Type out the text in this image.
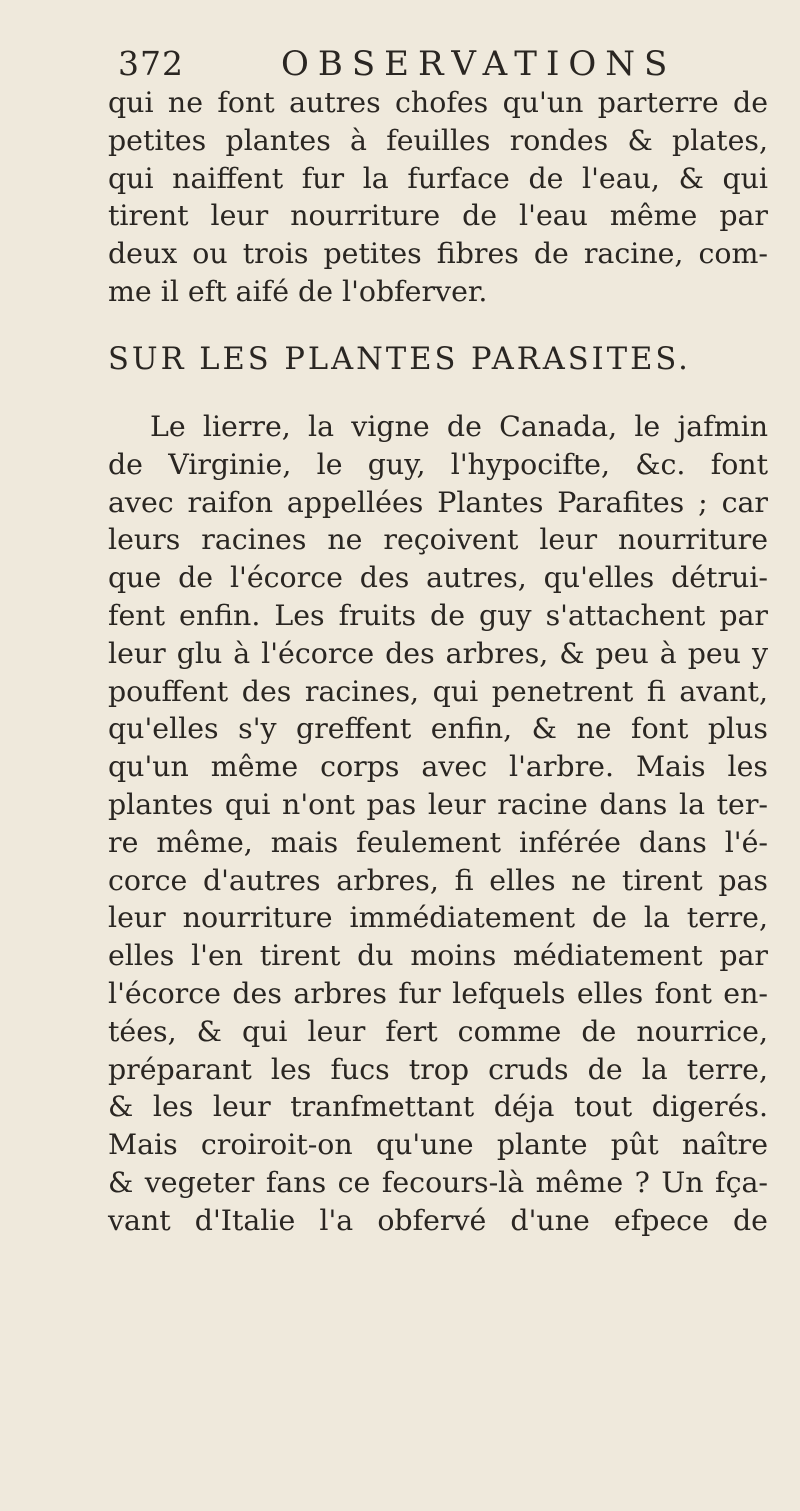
372	OBSERVATIONS
qui ne font autres chofes qu'un parterre de
petites plantes à feuilles rondes & plates,
qui naiffent fur la furface de l'eau, & qui
tirent leur nourriture de l'eau même par
deux ou trois petites fibres de racine, com-
me il eft aifé de l'obferver.
SUR LES PLANTES PARASITES.
Le lierre, la vigne de Canada, le jafmin
de Virginie, le guy, l'hypocifte, &c. font
avec raifon appellées Plantes Parafites ; car
leurs racines ne reçoivent leur nourriture
que de l'écorce des autres, qu'elles détrui-
fent enfin. Les fruits de guy s'attachent par
leur glu à l'écorce des arbres, & peu à peu y
pouffent des racines, qui penetrent fi avant,
qu'elles s'y greffent enfin, & ne font plus
qu'un même corps avec l'arbre. Mais les
plantes qui n'ont pas leur racine dans la ter-
re même, mais feulement inférée dans l'é-
corce d'autres arbres, fi elles ne tirent pas
leur nourriture immédiatement de la terre,
elles l'en tirent du moins médiatement par
l'écorce des arbres fur lefquels elles font en-
tées, & qui leur fert comme de nourrice,
préparant les fucs trop cruds de la terre,
& les leur tranfmettant déja tout digerés.
Mais croiroit-on qu'une plante pût naître
& vegeter fans ce fecours-là même ? Un fça-
vant d'Italie l'a obfervé d'une efpece de
